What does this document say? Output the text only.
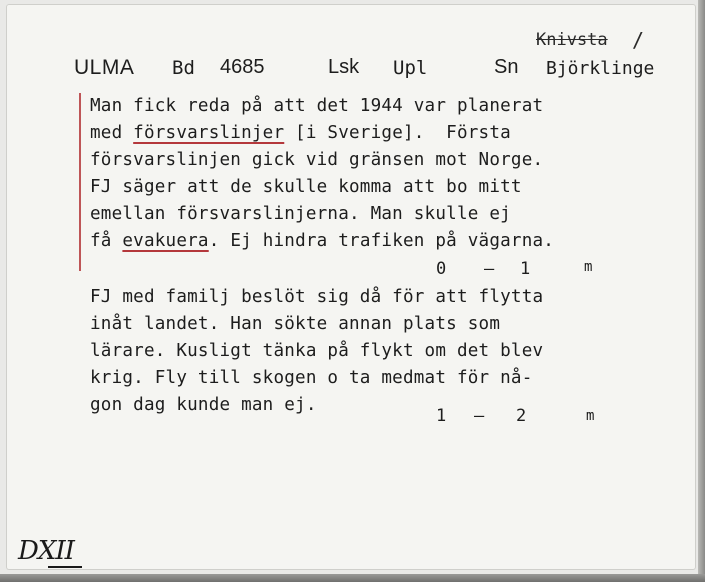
Knivsta /
ULMA Bd 4685	Lsk Upl	Sn Björklinge
Man fick reda på att det 1944 var planerat
med försvarslinjer [i Sverige].  Första
försvarslinjen gick vid gränsen mot Norge.
FJ säger att de skulle komma att bo mitt
emellan försvarslinjerna. Man skulle ej
få evakuera. Ej hindra trafiken på vägarna.
0 – 1	m
FJ med familj beslöt sig då för att flytta
inåt landet. Han sökte annan plats som
lärare. Kusligt tänka på flykt om det blev
krig. Fly till skogen o ta medmat för nå-
gon dag kunde man ej.
1 – 2	m
DXII
